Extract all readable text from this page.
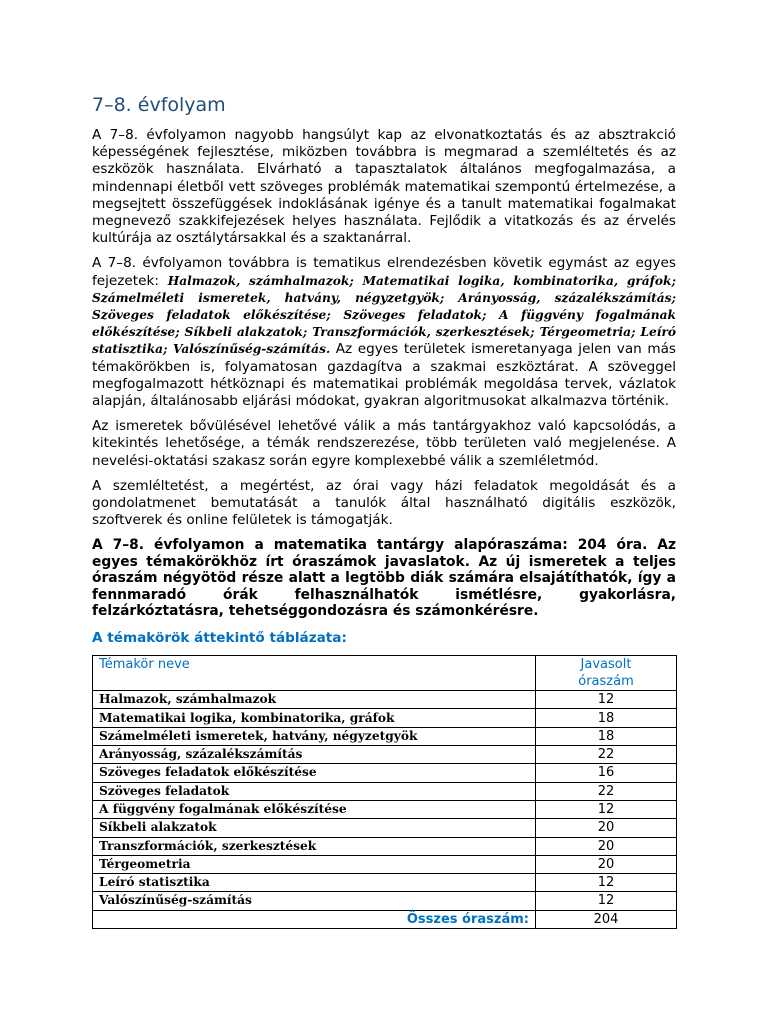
7–8. évfolyam

A 7–8. évfolyamon nagyobb hangsúlyt kap az elvonatkoztatás és az absztrakció képességének fejlesztése, miközben továbbra is megmarad a szemléltetés és az eszközök használata. Elvárható a tapasztalatok általános megfogalmazása, a mindennapi életből vett szöveges problémák matematikai szempontú értelmezése, a megsejtett összefüggések indoklásának igénye és a tanult matematikai fogalmakat megnevező szakkifejezések helyes használata. Fejlődik a vitatkozás és az érvelés kultúrája az osztálytársakkal és a szaktanárral.

A 7–8. évfolyamon továbbra is tematikus elrendezésben követik egymást az egyes fejezetek: Halmazok, számhalmazok; Matematikai logika, kombinatorika, gráfok; Számelméleti ismeretek, hatvány, négyzetgyök; Arányosság, százalékszámítás; Szöveges feladatok előkészítése; Szöveges feladatok; A függvény fogalmának előkészítése; Síkbeli alakzatok; Transzformációk, szerkesztések; Térgeometria; Leíró statisztika; Valószínűség-számítás. Az egyes területek ismeretanyaga jelen van más témakörökben is, folyamatosan gazdagítva a szakmai eszköztárat. A szöveggel megfogalmazott hétköznapi és matematikai problémák megoldása tervek, vázlatok alapján, általánosabb eljárási módokat, gyakran algoritmusokat alkalmazva történik.

Az ismeretek bővülésével lehetővé válik a más tantárgyakhoz való kapcsolódás, a kitekintés lehetősége, a témák rendszerezése, több területen való megjelenése. A nevelési-oktatási szakasz során egyre komplexebbé válik a szemléletmód.

A szemléltetést, a megértést, az órai vagy házi feladatok megoldását és a gondolatmenet bemutatását a tanulók által használható digitális eszközök, szoftverek és online felületek is támogatják.

A 7–8. évfolyamon a matematika tantárgy alapóraszáma: 204 óra. Az egyes témakörökhöz írt óraszámok javaslatok. Az új ismeretek a teljes óraszám négyötöd része alatt a legtöbb diák számára elsajátíthatók, így a fennmaradó órák felhasználhatók ismétlésre, gyakorlásra, felzárkóztatásra, tehetséggondozásra és számonkérésre.

A témakörök áttekintő táblázata:
Témakör neve	Javasolt
óraszám
Halmazok, számhalmazok	12
Matematikai logika, kombinatorika, gráfok	18
Számelméleti ismeretek, hatvány, négyzetgyök	18
Arányosság, százalékszámítás	22
Szöveges feladatok előkészítése	16
Szöveges feladatok	22
A függvény fogalmának előkészítése	12
Síkbeli alakzatok	20
Transzformációk, szerkesztések	20
Térgeometria	20
Leíró statisztika	12
Valószínűség-számítás	12
Összes óraszám:	204
